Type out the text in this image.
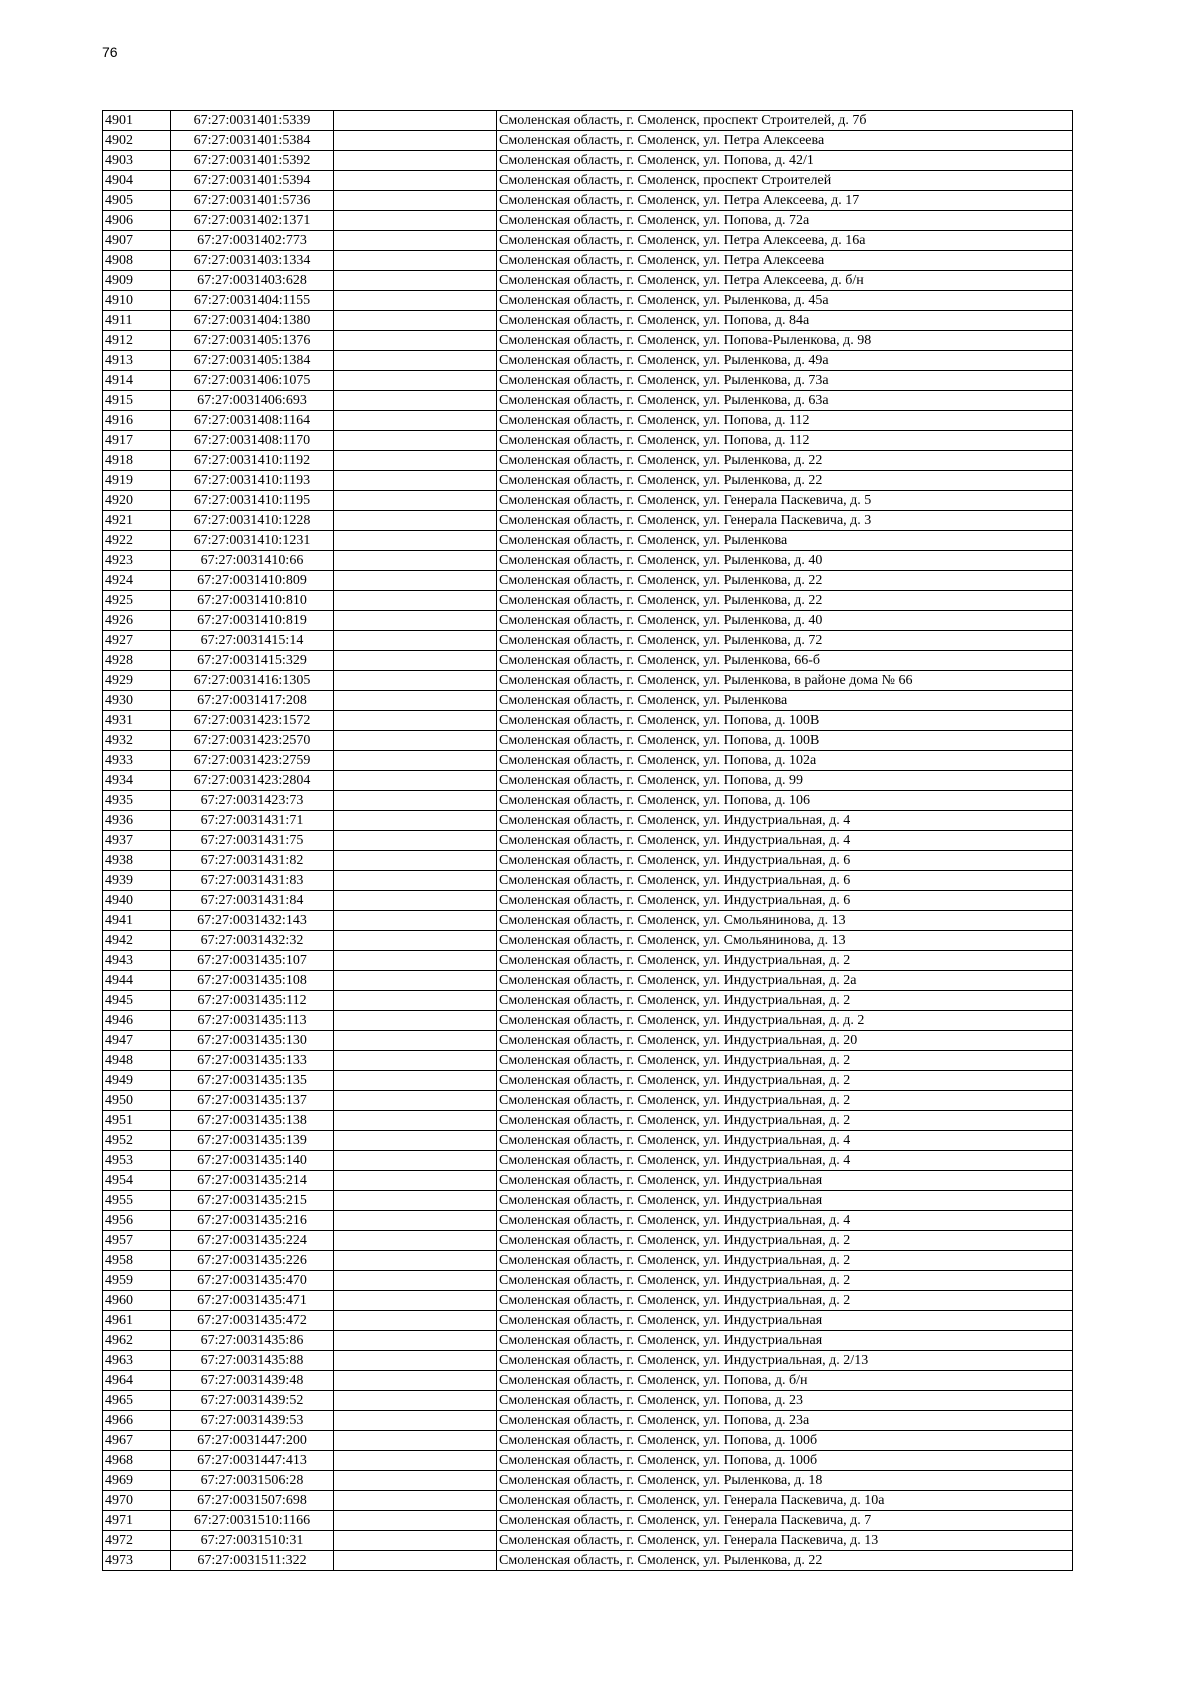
76
4901	67:27:0031401:5339		Смоленская область, г. Смоленск, проспект Строителей, д. 7б
4902	67:27:0031401:5384		Смоленская область, г. Смоленск, ул. Петра Алексеева
4903	67:27:0031401:5392		Смоленская область, г. Смоленск, ул. Попова, д. 42/1
4904	67:27:0031401:5394		Смоленская область, г. Смоленск, проспект Строителей
4905	67:27:0031401:5736		Смоленская область, г. Смоленск, ул. Петра Алексеева, д. 17
4906	67:27:0031402:1371		Смоленская область, г. Смоленск, ул. Попова, д. 72а
4907	67:27:0031402:773		Смоленская область, г. Смоленск, ул. Петра Алексеева, д. 16а
4908	67:27:0031403:1334		Смоленская область, г. Смоленск, ул. Петра Алексеева
4909	67:27:0031403:628		Смоленская область, г. Смоленск, ул. Петра Алексеева, д. б/н
4910	67:27:0031404:1155		Смоленская область, г. Смоленск, ул. Рыленкова, д. 45а
4911	67:27:0031404:1380		Смоленская область, г. Смоленск, ул. Попова, д. 84а
4912	67:27:0031405:1376		Смоленская область, г. Смоленск, ул. Попова-Рыленкова, д. 98
4913	67:27:0031405:1384		Смоленская область, г. Смоленск, ул. Рыленкова, д. 49а
4914	67:27:0031406:1075		Смоленская область, г. Смоленск, ул. Рыленкова, д. 73а
4915	67:27:0031406:693		Смоленская область, г. Смоленск, ул. Рыленкова, д. 63а
4916	67:27:0031408:1164		Смоленская область, г. Смоленск, ул. Попова, д. 112
4917	67:27:0031408:1170		Смоленская область, г. Смоленск, ул. Попова, д. 112
4918	67:27:0031410:1192		Смоленская область, г. Смоленск, ул. Рыленкова, д. 22
4919	67:27:0031410:1193		Смоленская область, г. Смоленск, ул. Рыленкова, д. 22
4920	67:27:0031410:1195		Смоленская область, г. Смоленск, ул. Генерала Паскевича, д. 5
4921	67:27:0031410:1228		Смоленская область, г. Смоленск, ул. Генерала Паскевича, д. 3
4922	67:27:0031410:1231		Смоленская область, г. Смоленск, ул. Рыленкова
4923	67:27:0031410:66		Смоленская область, г. Смоленск, ул. Рыленкова, д. 40
4924	67:27:0031410:809		Смоленская область, г. Смоленск, ул. Рыленкова, д. 22
4925	67:27:0031410:810		Смоленская область, г. Смоленск, ул. Рыленкова, д. 22
4926	67:27:0031410:819		Смоленская область, г. Смоленск, ул. Рыленкова, д. 40
4927	67:27:0031415:14		Смоленская область, г. Смоленск, ул. Рыленкова, д. 72
4928	67:27:0031415:329		Смоленская область, г. Смоленск, ул. Рыленкова, 66-б
4929	67:27:0031416:1305		Смоленская область, г. Смоленск, ул. Рыленкова, в районе дома № 66
4930	67:27:0031417:208		Смоленская область, г. Смоленск, ул. Рыленкова
4931	67:27:0031423:1572		Смоленская область, г. Смоленск, ул. Попова, д. 100В
4932	67:27:0031423:2570		Смоленская область, г. Смоленск, ул. Попова, д. 100В
4933	67:27:0031423:2759		Смоленская область, г. Смоленск, ул. Попова, д. 102а
4934	67:27:0031423:2804		Смоленская область, г. Смоленск, ул. Попова, д. 99
4935	67:27:0031423:73		Смоленская область, г. Смоленск, ул. Попова, д. 106
4936	67:27:0031431:71		Смоленская область, г. Смоленск, ул. Индустриальная, д. 4
4937	67:27:0031431:75		Смоленская область, г. Смоленск, ул. Индустриальная, д. 4
4938	67:27:0031431:82		Смоленская область, г. Смоленск, ул. Индустриальная, д. 6
4939	67:27:0031431:83		Смоленская область, г. Смоленск, ул. Индустриальная, д. 6
4940	67:27:0031431:84		Смоленская область, г. Смоленск, ул. Индустриальная, д. 6
4941	67:27:0031432:143		Смоленская область, г. Смоленск, ул. Смольянинова, д. 13
4942	67:27:0031432:32		Смоленская область, г. Смоленск, ул. Смольянинова, д. 13
4943	67:27:0031435:107		Смоленская область, г. Смоленск, ул. Индустриальная, д. 2
4944	67:27:0031435:108		Смоленская область, г. Смоленск, ул. Индустриальная, д. 2а
4945	67:27:0031435:112		Смоленская область, г. Смоленск, ул. Индустриальная, д. 2
4946	67:27:0031435:113		Смоленская область, г. Смоленск, ул. Индустриальная, д. д. 2
4947	67:27:0031435:130		Смоленская область, г. Смоленск, ул. Индустриальная, д. 20
4948	67:27:0031435:133		Смоленская область, г. Смоленск, ул. Индустриальная, д. 2
4949	67:27:0031435:135		Смоленская область, г. Смоленск, ул. Индустриальная, д. 2
4950	67:27:0031435:137		Смоленская область, г. Смоленск, ул. Индустриальная, д. 2
4951	67:27:0031435:138		Смоленская область, г. Смоленск, ул. Индустриальная, д. 2
4952	67:27:0031435:139		Смоленская область, г. Смоленск, ул. Индустриальная, д. 4
4953	67:27:0031435:140		Смоленская область, г. Смоленск, ул. Индустриальная, д. 4
4954	67:27:0031435:214		Смоленская область, г. Смоленск, ул. Индустриальная
4955	67:27:0031435:215		Смоленская область, г. Смоленск, ул. Индустриальная
4956	67:27:0031435:216		Смоленская область, г. Смоленск, ул. Индустриальная, д. 4
4957	67:27:0031435:224		Смоленская область, г. Смоленск, ул. Индустриальная, д. 2
4958	67:27:0031435:226		Смоленская область, г. Смоленск, ул. Индустриальная, д. 2
4959	67:27:0031435:470		Смоленская область, г. Смоленск, ул. Индустриальная, д. 2
4960	67:27:0031435:471		Смоленская область, г. Смоленск, ул. Индустриальная, д. 2
4961	67:27:0031435:472		Смоленская область, г. Смоленск, ул. Индустриальная
4962	67:27:0031435:86		Смоленская область, г. Смоленск, ул. Индустриальная
4963	67:27:0031435:88		Смоленская область, г. Смоленск, ул. Индустриальная, д. 2/13
4964	67:27:0031439:48		Смоленская область, г. Смоленск, ул. Попова, д. б/н
4965	67:27:0031439:52		Смоленская область, г. Смоленск, ул. Попова, д. 23
4966	67:27:0031439:53		Смоленская область, г. Смоленск, ул. Попова, д. 23а
4967	67:27:0031447:200		Смоленская область, г. Смоленск, ул. Попова, д. 100б
4968	67:27:0031447:413		Смоленская область, г. Смоленск, ул. Попова, д. 100б
4969	67:27:0031506:28		Смоленская область, г. Смоленск, ул. Рыленкова, д. 18
4970	67:27:0031507:698		Смоленская область, г. Смоленск, ул. Генерала Паскевича, д. 10а
4971	67:27:0031510:1166		Смоленская область, г. Смоленск, ул. Генерала Паскевича, д. 7
4972	67:27:0031510:31		Смоленская область, г. Смоленск, ул. Генерала Паскевича, д. 13
4973	67:27:0031511:322		Смоленская область, г. Смоленск, ул. Рыленкова, д. 22
